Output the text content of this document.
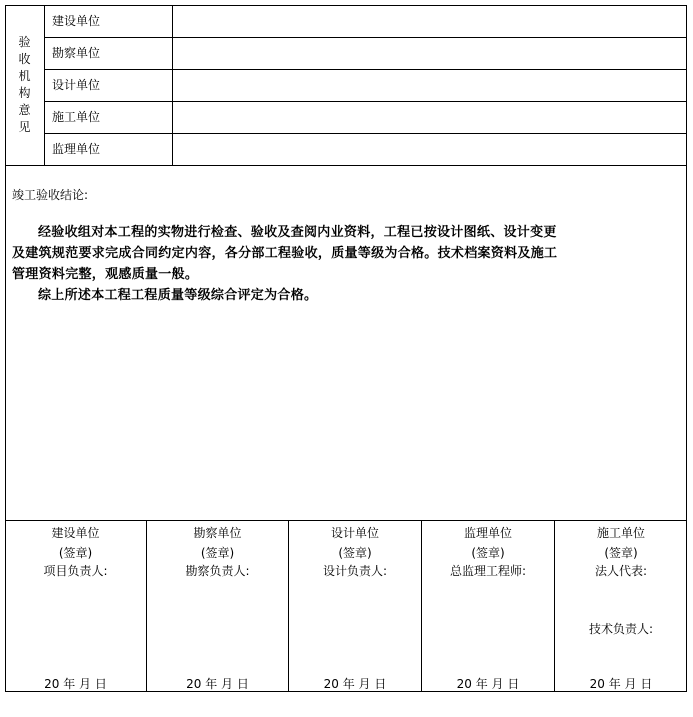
验
收
机
构
意
见
建设单位
勘察单位
设计单位
施工单位
监理单位
竣工验收结论:
经验收组对本工程的实物进行检查、验收及查阅内业资料，工程已按设计图纸、设计变更
及建筑规范要求完成合同约定内容，各分部工程验收，质量等级为合格。技术档案资料及施工
管理资料完整，观感质量一般。
综上所述本工程工程质量等级综合评定为合格。
建设单位
(签章)
项目负责人:
20 年 月 日
勘察单位
(签章)
勘察负责人:
20 年 月 日
设计单位
(签章)
设计负责人:
20 年 月 日
监理单位
(签章)
总监理工程师:
20 年 月 日
施工单位
(签章)
法人代表:
技术负责人:
20 年 月 日
